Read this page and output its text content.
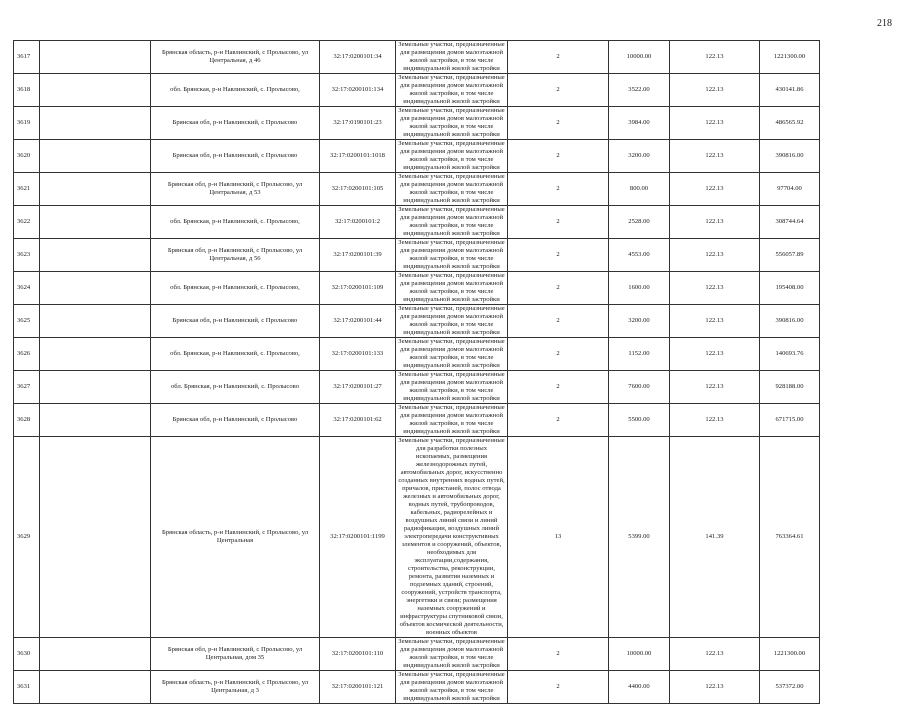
218
3617		Брянская область, р-н Навлинский, с Пролысово, ул Центральная, д 46	32:17:0200101:34	Земельные участки, предназначенные для размещения домов малоэтажной жилой застройки, в том числе индивидуальной жилой застройки	2	10000.00	122.13	1221300.00
3618		обл. Брянская, р-н Навлинский, с. Пролысово,	32:17:0200101:134	Земельные участки, предназначенные для размещения домов малоэтажной жилой застройки, в том числе индивидуальной жилой застройки	2	3522.00	122.13	430141.86
3619		Брянская обл, р-н Навлинский, с Пролысово	32:17:0190101:23	Земельные участки, предназначенные для размещения домов малоэтажной жилой застройки, в том числе индивидуальной жилой застройки	2	3984.00	122.13	486565.92
3620		Брянская обл, р-н Навлинский, с Пролысово	32:17:0200101:1018	Земельные участки, предназначенные для размещения домов малоэтажной жилой застройки, в том числе индивидуальной жилой застройки	2	3200.00	122.13	390816.00
3621		Брянская обл, р-н Навлинский, с Пролысово, ул Центральная, д 53	32:17:0200101:105	Земельные участки, предназначенные для размещения домов малоэтажной жилой застройки, в том числе индивидуальной жилой застройки	2	800.00	122.13	97704.00
3622		обл. Брянская, р-н Навлинский, с. Пролысово,	32:17:0200101:2	Земельные участки, предназначенные для размещения домов малоэтажной жилой застройки, в том числе индивидуальной жилой застройки	2	2528.00	122.13	308744.64
3623		Брянская обл, р-н Навлинский, с Пролысово, ул Центральная, д 56	32:17:0200101:39	Земельные участки, предназначенные для размещения домов малоэтажной жилой застройки, в том числе индивидуальной жилой застройки	2	4553.00	122.13	556057.89
3624		обл. Брянская, р-н Навлинский, с. Пролысово,	32:17:0200101:109	Земельные участки, предназначенные для размещения домов малоэтажной жилой застройки, в том числе индивидуальной жилой застройки	2	1600.00	122.13	195408.00
3625		Брянская обл, р-н Навлинский, с Пролысово	32:17:0200101:44	Земельные участки, предназначенные для размещения домов малоэтажной жилой застройки, в том числе индивидуальной жилой застройки	2	3200.00	122.13	390816.00
3626		обл. Брянская, р-н Навлинский, с. Пролысово,	32:17:0200101:133	Земельные участки, предназначенные для размещения домов малоэтажной жилой застройки, в том числе индивидуальной жилой застройки	2	1152.00	122.13	140693.76
3627		обл. Брянская, р-н Навлинский, с. Пролысово	32:17:0200101:27	Земельные участки, предназначенные для размещения домов малоэтажной жилой застройки, в том числе индивидуальной жилой застройки	2	7600.00	122.13	928188.00
3628		Брянская обл, р-н Навлинский, с Пролысово	32:17:0200101:62	Земельные участки, предназначенные для размещения домов малоэтажной жилой застройки, в том числе индивидуальной жилой застройки	2	5500.00	122.13	671715.00
3629		Брянская область, р-н Навлинский, с Пролысово, ул Центральная	32:17:0200101:1199	Земельные участки, предназначенные для разработки полезных ископаемых, размещения железнодорожных путей, автомобильных дорог, искусственно созданных внутренних водных путей, причалов, пристаней, полос отвода железных и автомобильных дорог, водных путей, трубопроводов, кабельных, радиорелейных и воздушных линий связи и линий радиофикации, воздушных линий электропередачи конструктивных элементов и сооружений, объектов, необходимых для эксплуатации,содержания, строительства, реконструкции, ремонта, развития наземных и подземных зданий, строений, сооружений, устройств транспорта, энергетики и связи; размещения наземных сооружений и инфраструктуры спутниковой связи, объектов космической деятельности, военных объектов	13	5399.00	141.39	763364.61
3630		Брянская обл, р-н Навлинский, с Пролысово, ул Центральная, дом 35	32:17:0200101:110	Земельные участки, предназначенные для размещения домов малоэтажной жилой застройки, в том числе индивидуальной жилой застройки	2	10000.00	122.13	1221300.00
3631		Брянская область, р-н Навлинский, с Пролысово, ул Центральная, д 3	32:17:0200101:121	Земельные участки, предназначенные для размещения домов малоэтажной жилой застройки, в том числе индивидуальной жилой застройки	2	4400.00	122.13	537372.00
